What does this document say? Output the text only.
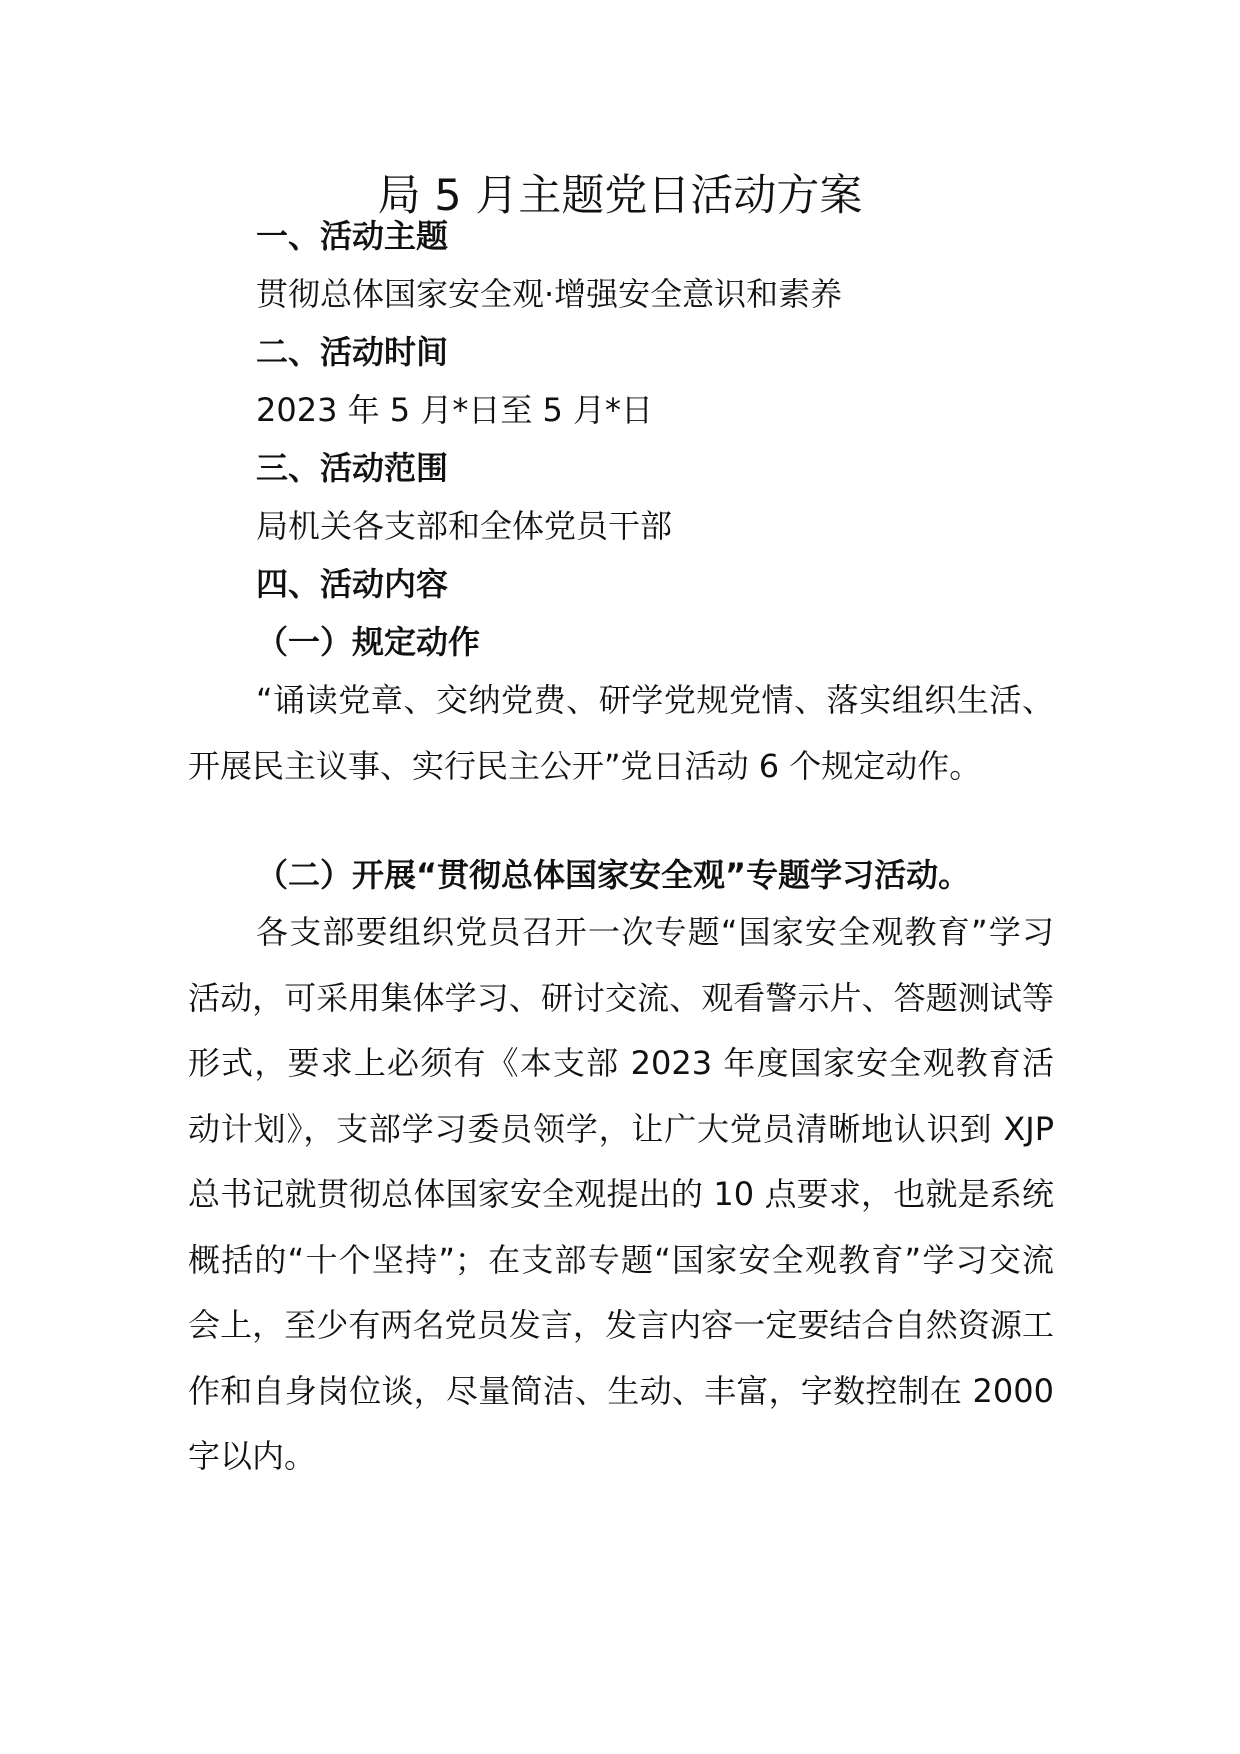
局 5 月主题党日活动方案

一、活动主题

贯彻总体国家安全观·增强安全意识和素养

二、活动时间

2023 年 5 月*日至 5 月*日

三、活动范围

局机关各支部和全体党员干部

四、活动内容

（一）规定动作

“诵读党章、交纳党费、研学党规党情、落实组织生活、开展民主议事、实行民主公开”党日活动 6 个规定动作。

（二）开展“贯彻总体国家安全观”专题学习活动。

各支部要组织党员召开一次专题“国家安全观教育”学习活动，可采用集体学习、研讨交流、观看警示片、答题测试等形式，要求上必须有《本支部 2023 年度国家安全观教育活动计划》，支部学习委员领学，让广大党员清晰地认识到 XJP 总书记就贯彻总体国家安全观提出的 10 点要求，也就是系统概括的“十个坚持”；在支部专题“国家安全观教育”学习交流会上，至少有两名党员发言，发言内容一定要结合自然资源工作和自身岗位谈，尽量简洁、生动、丰富，字数控制在 2000 字以内。
